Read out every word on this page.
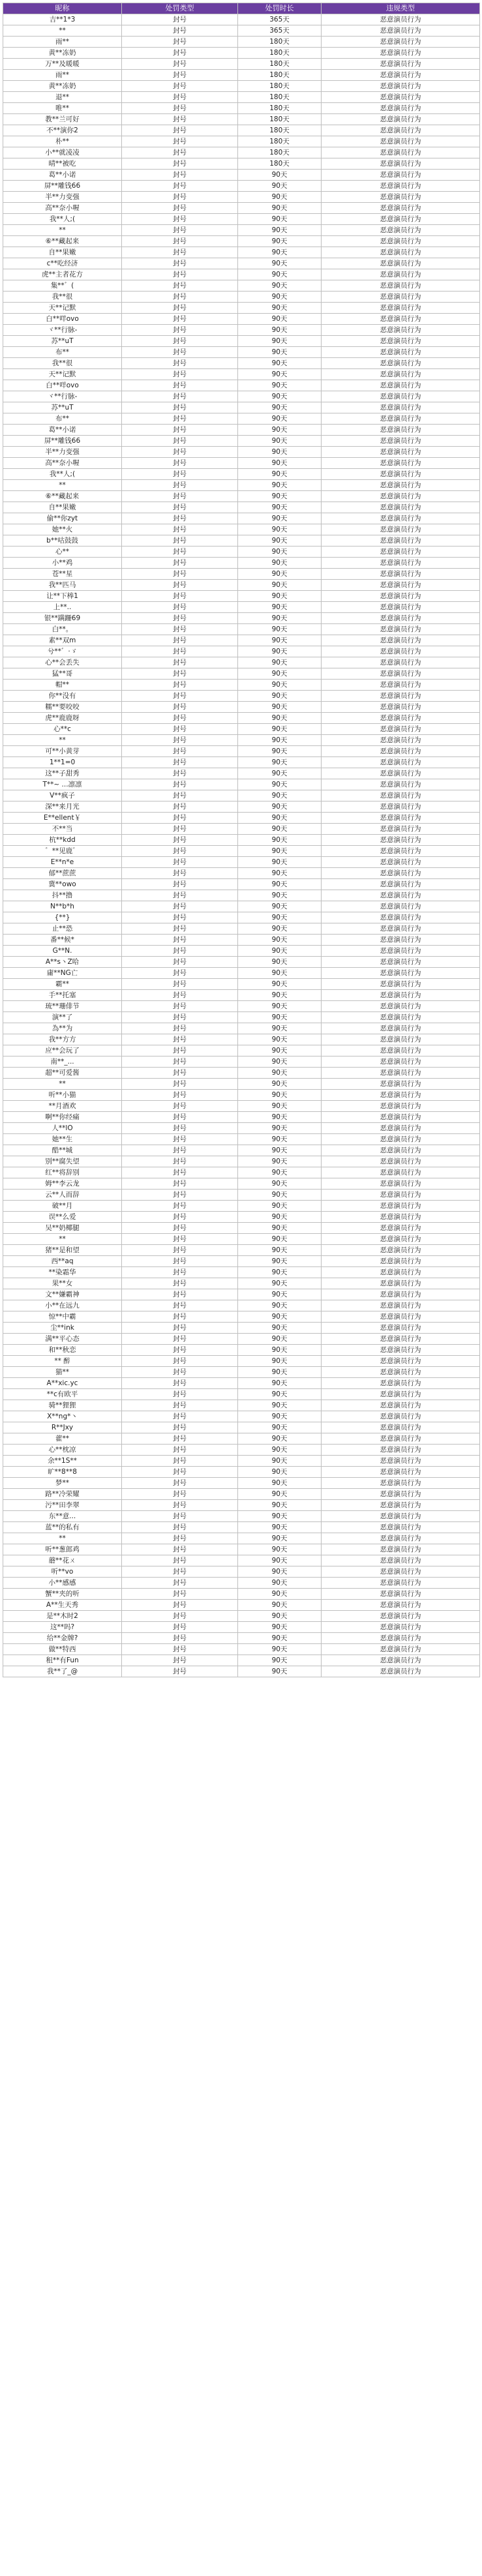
昵称	处罚类型	处罚时长	违规类型
吉**1*3	封号	365天	恶意演员行为
**	封号	365天	恶意演员行为
雨**	封号	180天	恶意演员行为
黄**冻奶	封号	180天	恶意演员行为
万**及暖暖	封号	180天	恶意演员行为
雨**	封号	180天	恶意演员行为
黄**冻奶	封号	180天	恶意演员行为
退**	封号	180天	恶意演员行为
唯**	封号	180天	恶意演员行为
教**兰可好	封号	180天	恶意演员行为
不**演你2	封号	180天	恶意演员行为
朴**	封号	180天	恶意演员行为
小**就凌凌	封号	180天	恶意演员行为
晴**被吃	封号	180天	恶意演员行为
葛**小诺	封号	90天	恶意演员行为
屏**雕钱66	封号	90天	恶意演员行为
半**力变强	封号	90天	恶意演员行为
高**奈小喔	封号	90天	恶意演员行为
我**人;(	封号	90天	恶意演员行为
**	封号	90天	恶意演员行为
⑥**藏起来	封号	90天	恶意演员行为
自**果嫩	封号	90天	恶意演员行为
c**吃经济	封号	90天	恶意演员行为
虎**主者花方	封号	90天	恶意演员行为
集**゛(	封号	90天	恶意演员行为
我**很	封号	90天	恶意演员行为
天**记默	封号	90天	恶意演员行为
白**咩ovo	封号	90天	恶意演员行为
ヾ**行脉-	封号	90天	恶意演员行为
苏**uT	封号	90天	恶意演员行为
布**	封号	90天	恶意演员行为
我**很	封号	90天	恶意演员行为
天**记默	封号	90天	恶意演员行为
白**咩ovo	封号	90天	恶意演员行为
ヾ**行脉-	封号	90天	恶意演员行为
苏**uT	封号	90天	恶意演员行为
布**	封号	90天	恶意演员行为
葛**小诺	封号	90天	恶意演员行为
屏**雕钱66	封号	90天	恶意演员行为
半**力变强	封号	90天	恶意演员行为
高**奈小喔	封号	90天	恶意演员行为
我**人;(	封号	90天	恶意演员行为
**	封号	90天	恶意演员行为
⑥**藏起来	封号	90天	恶意演员行为
自**果嫩	封号	90天	恶意演员行为
偷**你zyt	封号	90天	恶意演员行为
她**火	封号	90天	恶意演员行为
b**咕鼓鼓	封号	90天	恶意演员行为
心**	封号	90天	恶意演员行为
小**鸡	封号	90天	恶意演员行为
苍**星	封号	90天	恶意演员行为
我**匹马	封号	90天	恶意演员行为
让**下棒1	封号	90天	恶意演员行为
上**..	封号	90天	恶意演员行为
银**蹒跚69	封号	90天	恶意演员行为
白**。	封号	90天	恶意演员行为
素**双m	封号	90天	恶意演员行为
兮**゛·ゞ	封号	90天	恶意演员行为
心**会丢失	封号	90天	恶意演员行为
猛**哥	封号	90天	恶意演员行为
帽**	封号	90天	恶意演员行为
你**没有	封号	90天	恶意演员行为
糯**要咬咬	封号	90天	恶意演员行为
虎**鹿鹿呀	封号	90天	恶意演员行为
心**c	封号	90天	恶意演员行为
**	封号	90天	恶意演员行为
可**小黄芽	封号	90天	恶意演员行为
1**1=0	封号	90天	恶意演员行为
这**子甜秀	封号	90天	恶意演员行为
T**~ ...凛凛	封号	90天	恶意演员行为
V**疯子	封号	90天	恶意演员行为
深**来月光	封号	90天	恶意演员行为
E**ellent￥	封号	90天	恶意演员行为
不**当	封号	90天	恶意演员行为
杭**kdd	封号	90天	恶意演员行为
゛**见鹿゛	封号	90天	恶意演员行为
E**n*e	封号	90天	恶意演员行为
郁**蔗蔗	封号	90天	恶意演员行为
冀**owo	封号	90天	恶意演员行为
抖**撸	封号	90天	恶意演员行为
N**b*h	封号	90天	恶意演员行为
{**}	封号	90天	恶意演员行为
止**恐	封号	90天	恶意演员行为
番**候*	封号	90天	恶意演员行为
G**N.	封号	90天	恶意演员行为
A**s丶Z哈	封号	90天	恶意演员行为
庸**NG亡	封号	90天	恶意演员行为
霸**	封号	90天	恶意演员行为
手**托塞	封号	90天	恶意演员行为
琉**珊俳节	封号	90天	恶意演员行为
演**了	封号	90天	恶意演员行为
為**为	封号	90天	恶意演员行为
我**方方	封号	90天	恶意演员行为
应**会玩了	封号	90天	恶意演员行为
南**_...	封号	90天	恶意演员行为
超**可爱酱	封号	90天	恶意演员行为
**	封号	90天	恶意演员行为
听**小猫	封号	90天	恶意演员行为
**月酒欢	封号	90天	恶意演员行为
啊**你经痛	封号	90天	恶意演员行为
人**lO	封号	90天	恶意演员行为
她**生	封号	90天	恶意演员行为
酷**城	封号	90天	恶意演员行为
别**腐失望	封号	90天	恶意演员行为
红**将辞别	封号	90天	恶意演员行为
姆**李云龙	封号	90天	恶意演员行为
云**人而辞	封号	90天	恶意演员行为
破**月	封号	90天	恶意演员行为
误**么爱	封号	90天	恶意演员行为
吴**奶椰腿	封号	90天	恶意演员行为
**	封号	90天	恶意演员行为
猪**是和望	封号	90天	恶意演员行为
西**aq	封号	90天	恶意演员行为
**染霜华	封号	90天	恶意演员行为
果**女	封号	90天	恶意演员行为
文**嫌霸神	封号	90天	恶意演员行为
小**在远九	封号	90天	恶意演员行为
惊**中霸	封号	90天	恶意演员行为
尘**ink	封号	90天	恶意演员行为
满**平心态	封号	90天	恶意演员行为
和**秋恋	封号	90天	恶意演员行为
** 醉	封号	90天	恶意演员行为
猫**	封号	90天	恶意演员行为
A**xic.yc	封号	90天	恶意演员行为
**c有欧平	封号	90天	恶意演员行为
骑**狸狸	封号	90天	恶意演员行为
X**ng*丶	封号	90天	恶意演员行为
R**Jxy	封号	90天	恶意演员行为
藿**	封号	90天	恶意演员行为
心**枕凉	封号	90天	恶意演员行为
余**1S**	封号	90天	恶意演员行为
旷**8**8	封号	90天	恶意演员行为
梦**	封号	90天	恶意演员行为
路**冷荣耀	封号	90天	恶意演员行为
污**田李翠	封号	90天	恶意演员行为
东**意...	封号	90天	恶意演员行为
蓝**的私有	封号	90天	恶意演员行为
**	封号	90天	恶意演员行为
听**葱郎鸡	封号	90天	恶意演员行为
蘑**花ㄨ	封号	90天	恶意演员行为
听**vo	封号	90天	恶意演员行为
小**感感	封号	90天	恶意演员行为
蟹**夹的听	封号	90天	恶意演员行为
A**生天秀	封号	90天	恶意演员行为
是**木时2	封号	90天	恶意演员行为
这**吗?	封号	90天	恶意演员行为
给**金牌?	封号	90天	恶意演员行为
做**特西	封号	90天	恶意演员行为
租**有Fun	封号	90天	恶意演员行为
我**了_@	封号	90天	恶意演员行为
